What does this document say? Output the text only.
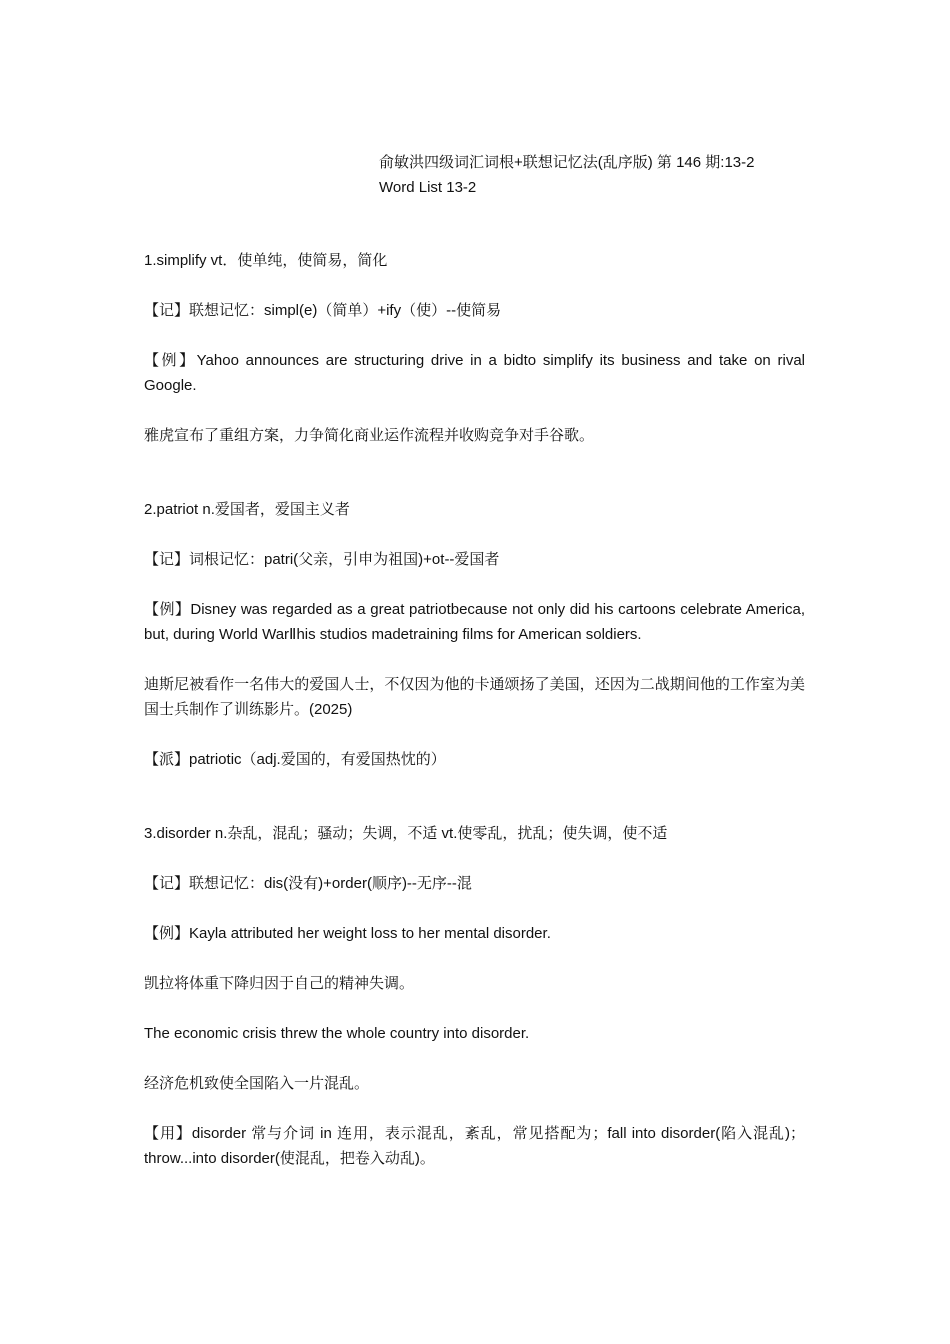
俞敏洪四级词汇词根+联想记忆法(乱序版) 第 146 期:13-2
Word List 13-2

1.simplify vt．使单纯，使简易，简化

【记】联想记忆：simpl(e)（简单）+ify（使）--使简易

【例】Yahoo announces are structuring drive in a bidto simplify its business and take on rival Google.

雅虎宣布了重组方案，力争简化商业运作流程并收购竞争对手谷歌。

2.patriot n.爱国者，爱国主义者

【记】词根记忆：patri(父亲，引申为祖国)+ot--爱国者

【例】Disney was regarded as a great patriotbecause not only did his cartoons celebrate America, but, during World WarⅡhis studios madetraining films for American soldiers.

迪斯尼被看作一名伟大的爱国人士，不仅因为他的卡通颂扬了美国，还因为二战期间他的工作室为美国士兵制作了训练影片。(2025)

【派】patriotic（adj.爱国的，有爱国热忱的）

3.disorder n.杂乱，混乱；骚动；失调，不适 vt.使零乱，扰乱；使失调，使不适

【记】联想记忆：dis(没有)+order(顺序)--无序--混

【例】Kayla attributed her weight loss to her mental disorder.

凯拉将体重下降归因于自己的精神失调。

The economic crisis threw the whole country into disorder.

经济危机致使全国陷入一片混乱。

【用】disorder 常与介词 in 连用，表示混乱，紊乱，常见搭配为；fall into disorder(陷入混乱)；throw...into disorder(使混乱，把卷入动乱)。
